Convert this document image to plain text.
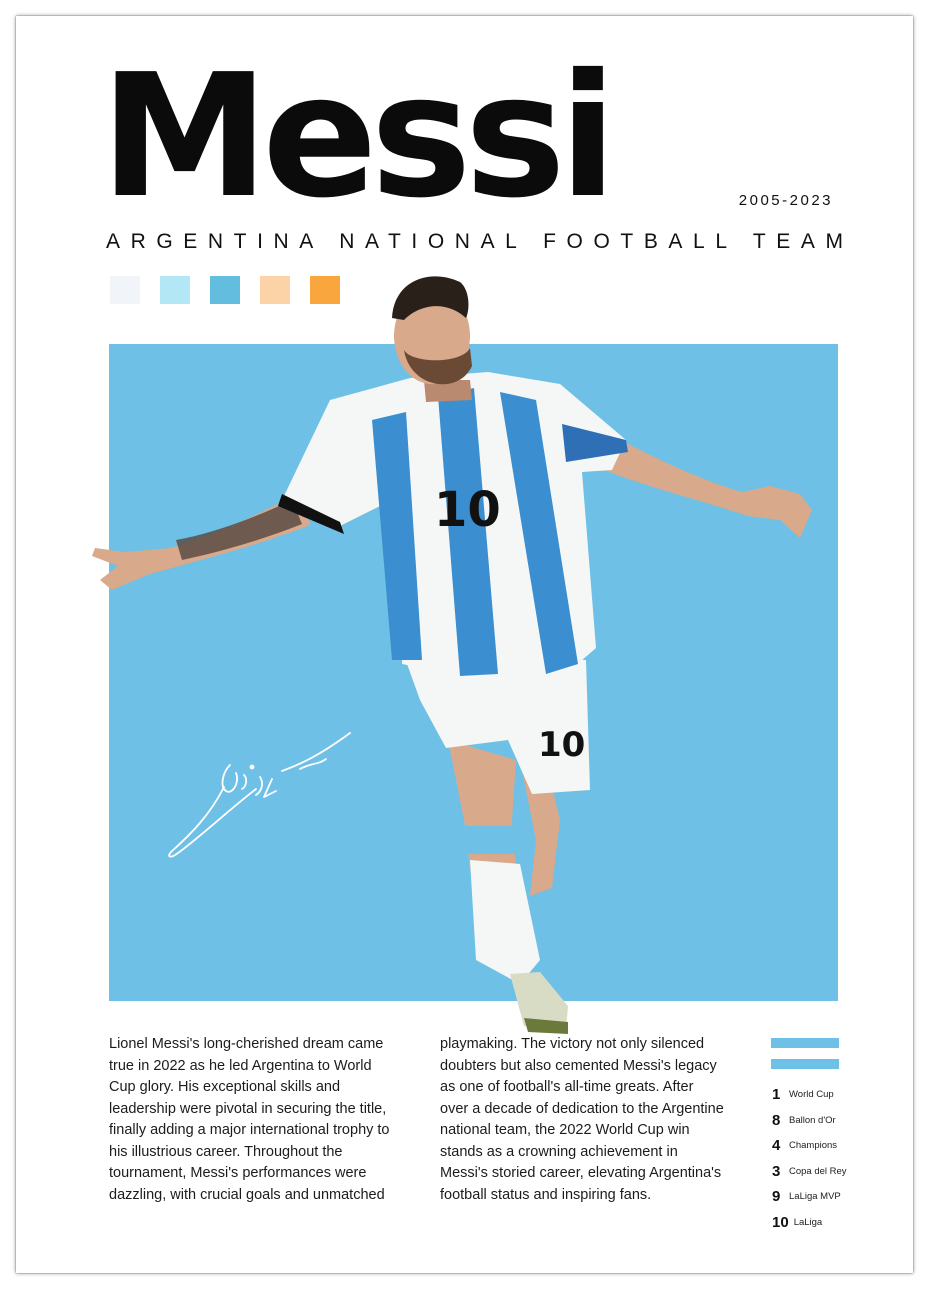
Messi	2005-2023
ARGENTINA NATIONAL FOOTBALL TEAM
10
10
Lionel Messi's long-cherished dream came true in 2022 as he led Argentina to World Cup glory. His exceptional skills and leadership were pivotal in securing the title, finally adding a major international trophy to his illustrious career. Throughout the tournament, Messi's performances were dazzling, with crucial goals and unmatched
playmaking. The victory not only silenced doubters but also cemented Messi's legacy as one of football's all-time greats. After over a decade of dedication to the Argentine national team, the 2022 World Cup win stands as a crowning achievement in Messi's storied career, elevating Argentina's football status and inspiring fans.
1 World Cup
8 Ballon d'Or
4 Champions
3 Copa del Rey
9 LaLiga MVP
10 LaLiga
